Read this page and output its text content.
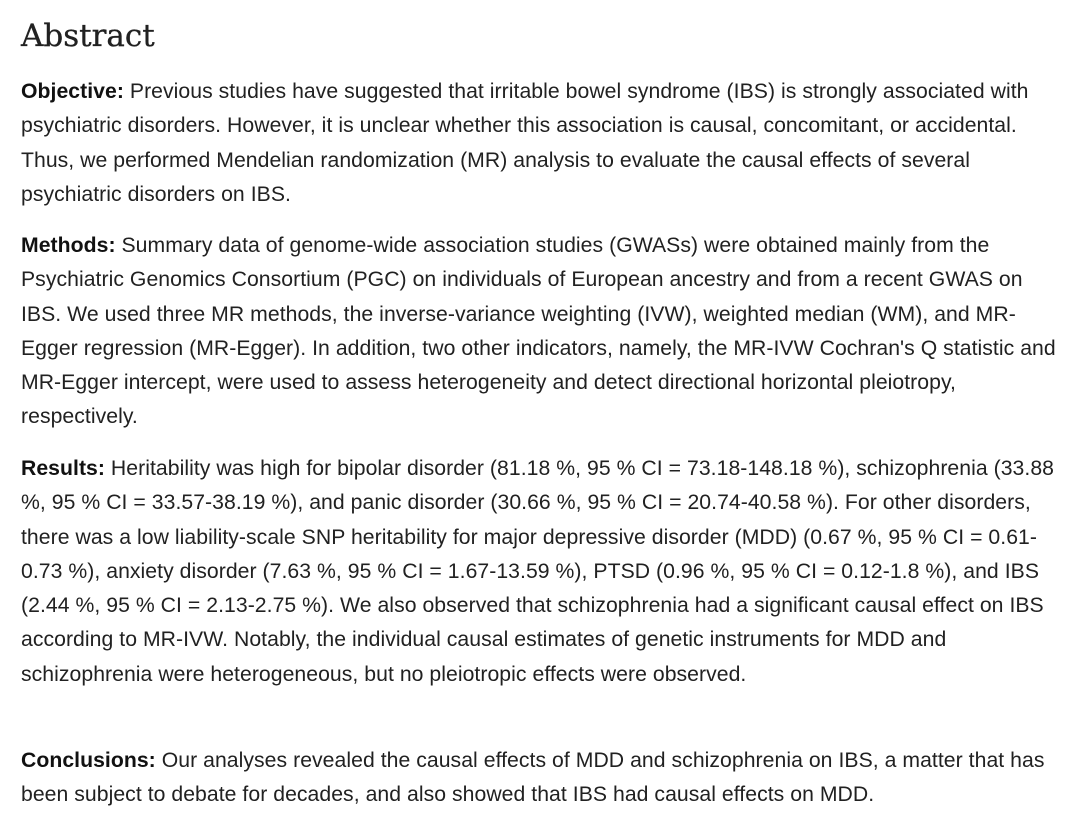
Abstract

Objective: Previous studies have suggested that irritable bowel syndrome (IBS) is strongly associated with psychiatric disorders. However, it is unclear whether this association is causal, concomitant, or accidental. Thus, we performed Mendelian randomization (MR) analysis to evaluate the causal effects of several psychiatric disorders on IBS.

Methods: Summary data of genome-wide association studies (GWASs) were obtained mainly from the Psychiatric Genomics Consortium (PGC) on individuals of European ancestry and from a recent GWAS on IBS. We used three MR methods, the inverse-variance weighting (IVW), weighted median (WM), and MR-Egger regression (MR-Egger). In addition, two other indicators, namely, the MR-IVW Cochran's Q statistic and MR-Egger intercept, were used to assess heterogeneity and detect directional horizontal pleiotropy, respectively.

Results: Heritability was high for bipolar disorder (81.18 %, 95 % CI = 73.18-148.18 %), schizophrenia (33.88 %, 95 % CI = 33.57-38.19 %), and panic disorder (30.66 %, 95 % CI = 20.74-40.58 %). For other disorders, there was a low liability-scale SNP heritability for major depressive disorder (MDD) (0.67 %, 95 % CI = 0.61-0.73 %), anxiety disorder (7.63 %, 95 % CI = 1.67-13.59 %), PTSD (0.96 %, 95 % CI = 0.12-1.8 %), and IBS (2.44 %, 95 % CI = 2.13-2.75 %). We also observed that schizophrenia had a significant causal effect on IBS according to MR-IVW. Notably, the individual causal estimates of genetic instruments for MDD and schizophrenia were heterogeneous, but no pleiotropic effects were observed.

Conclusions: Our analyses revealed the causal effects of MDD and schizophrenia on IBS, a matter that has been subject to debate for decades, and also showed that IBS had causal effects on MDD.
